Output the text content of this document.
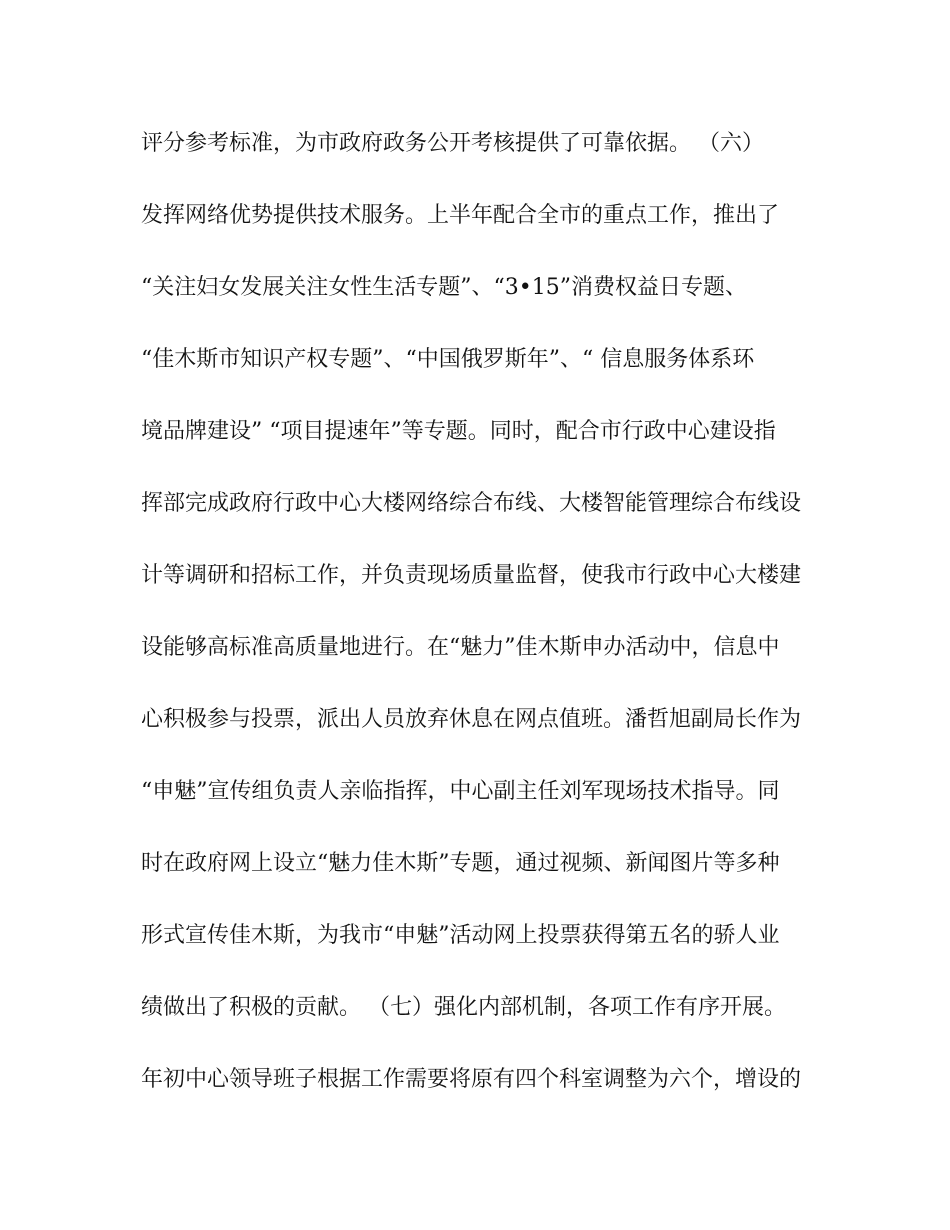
评分参考标准，为市政府政务公开考核提供了可靠依据。 （六）
发挥网络优势提供技术服务。上半年配合全市的重点工作，推出了
“关注妇女发展关注女性生活专题”、“3•15”消费权益日专题、
“佳木斯市知识产权专题”、“中国俄罗斯年”、“ 信息服务体系环
境品牌建设” “项目提速年”等专题。同时，配合市行政中心建设指
挥部完成政府行政中心大楼网络综合布线、大楼智能管理综合布线设
计等调研和招标工作，并负责现场质量监督，使我市行政中心大楼建
设能够高标准高质量地进行。在“魅力”佳木斯申办活动中，信息中
心积极参与投票，派出人员放弃休息在网点值班。潘哲旭副局长作为
“申魅”宣传组负责人亲临指挥，中心副主任刘军现场技术指导。同
时在政府网上设立“魅力佳木斯”专题，通过视频、新闻图片等多种
形式宣传佳木斯，为我市“申魅”活动网上投票获得第五名的骄人业
绩做出了积极的贡献。 （七）强化内部机制，各项工作有序开展。
年初中心领导班子根据工作需要将原有四个科室调整为六个，增设的
